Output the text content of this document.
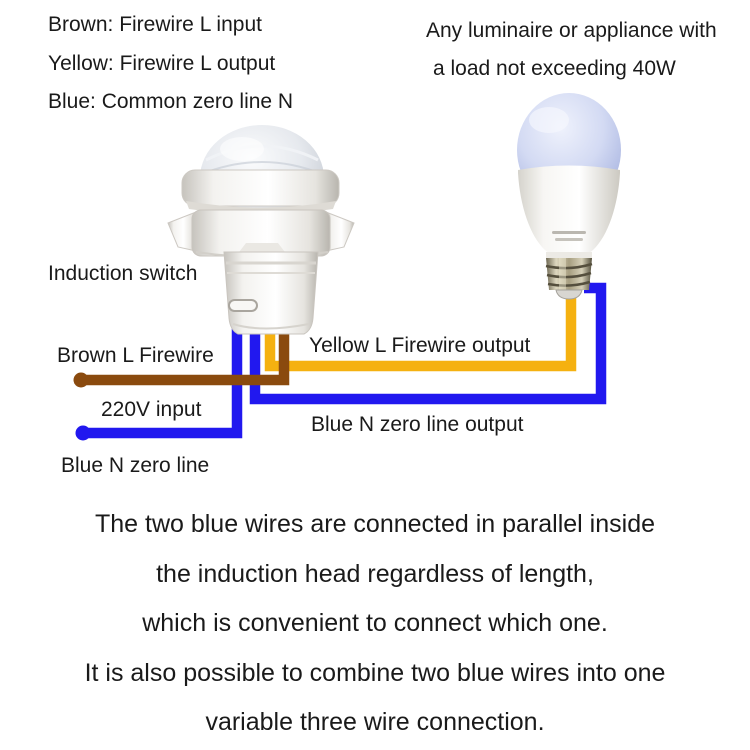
Brown: Firewire L input
Yellow: Firewire L output
Blue: Common zero line N
Any luminaire or appliance with
a load not exceeding 40W
Induction switch
Brown L Firewire
220V input
Blue N zero line
Yellow L Firewire output
Blue N zero line output
The two blue wires are connected in parallel inside
the induction head regardless of length,
which is convenient to connect which one.
It is also possible to combine two blue wires into one
variable three wire connection.
